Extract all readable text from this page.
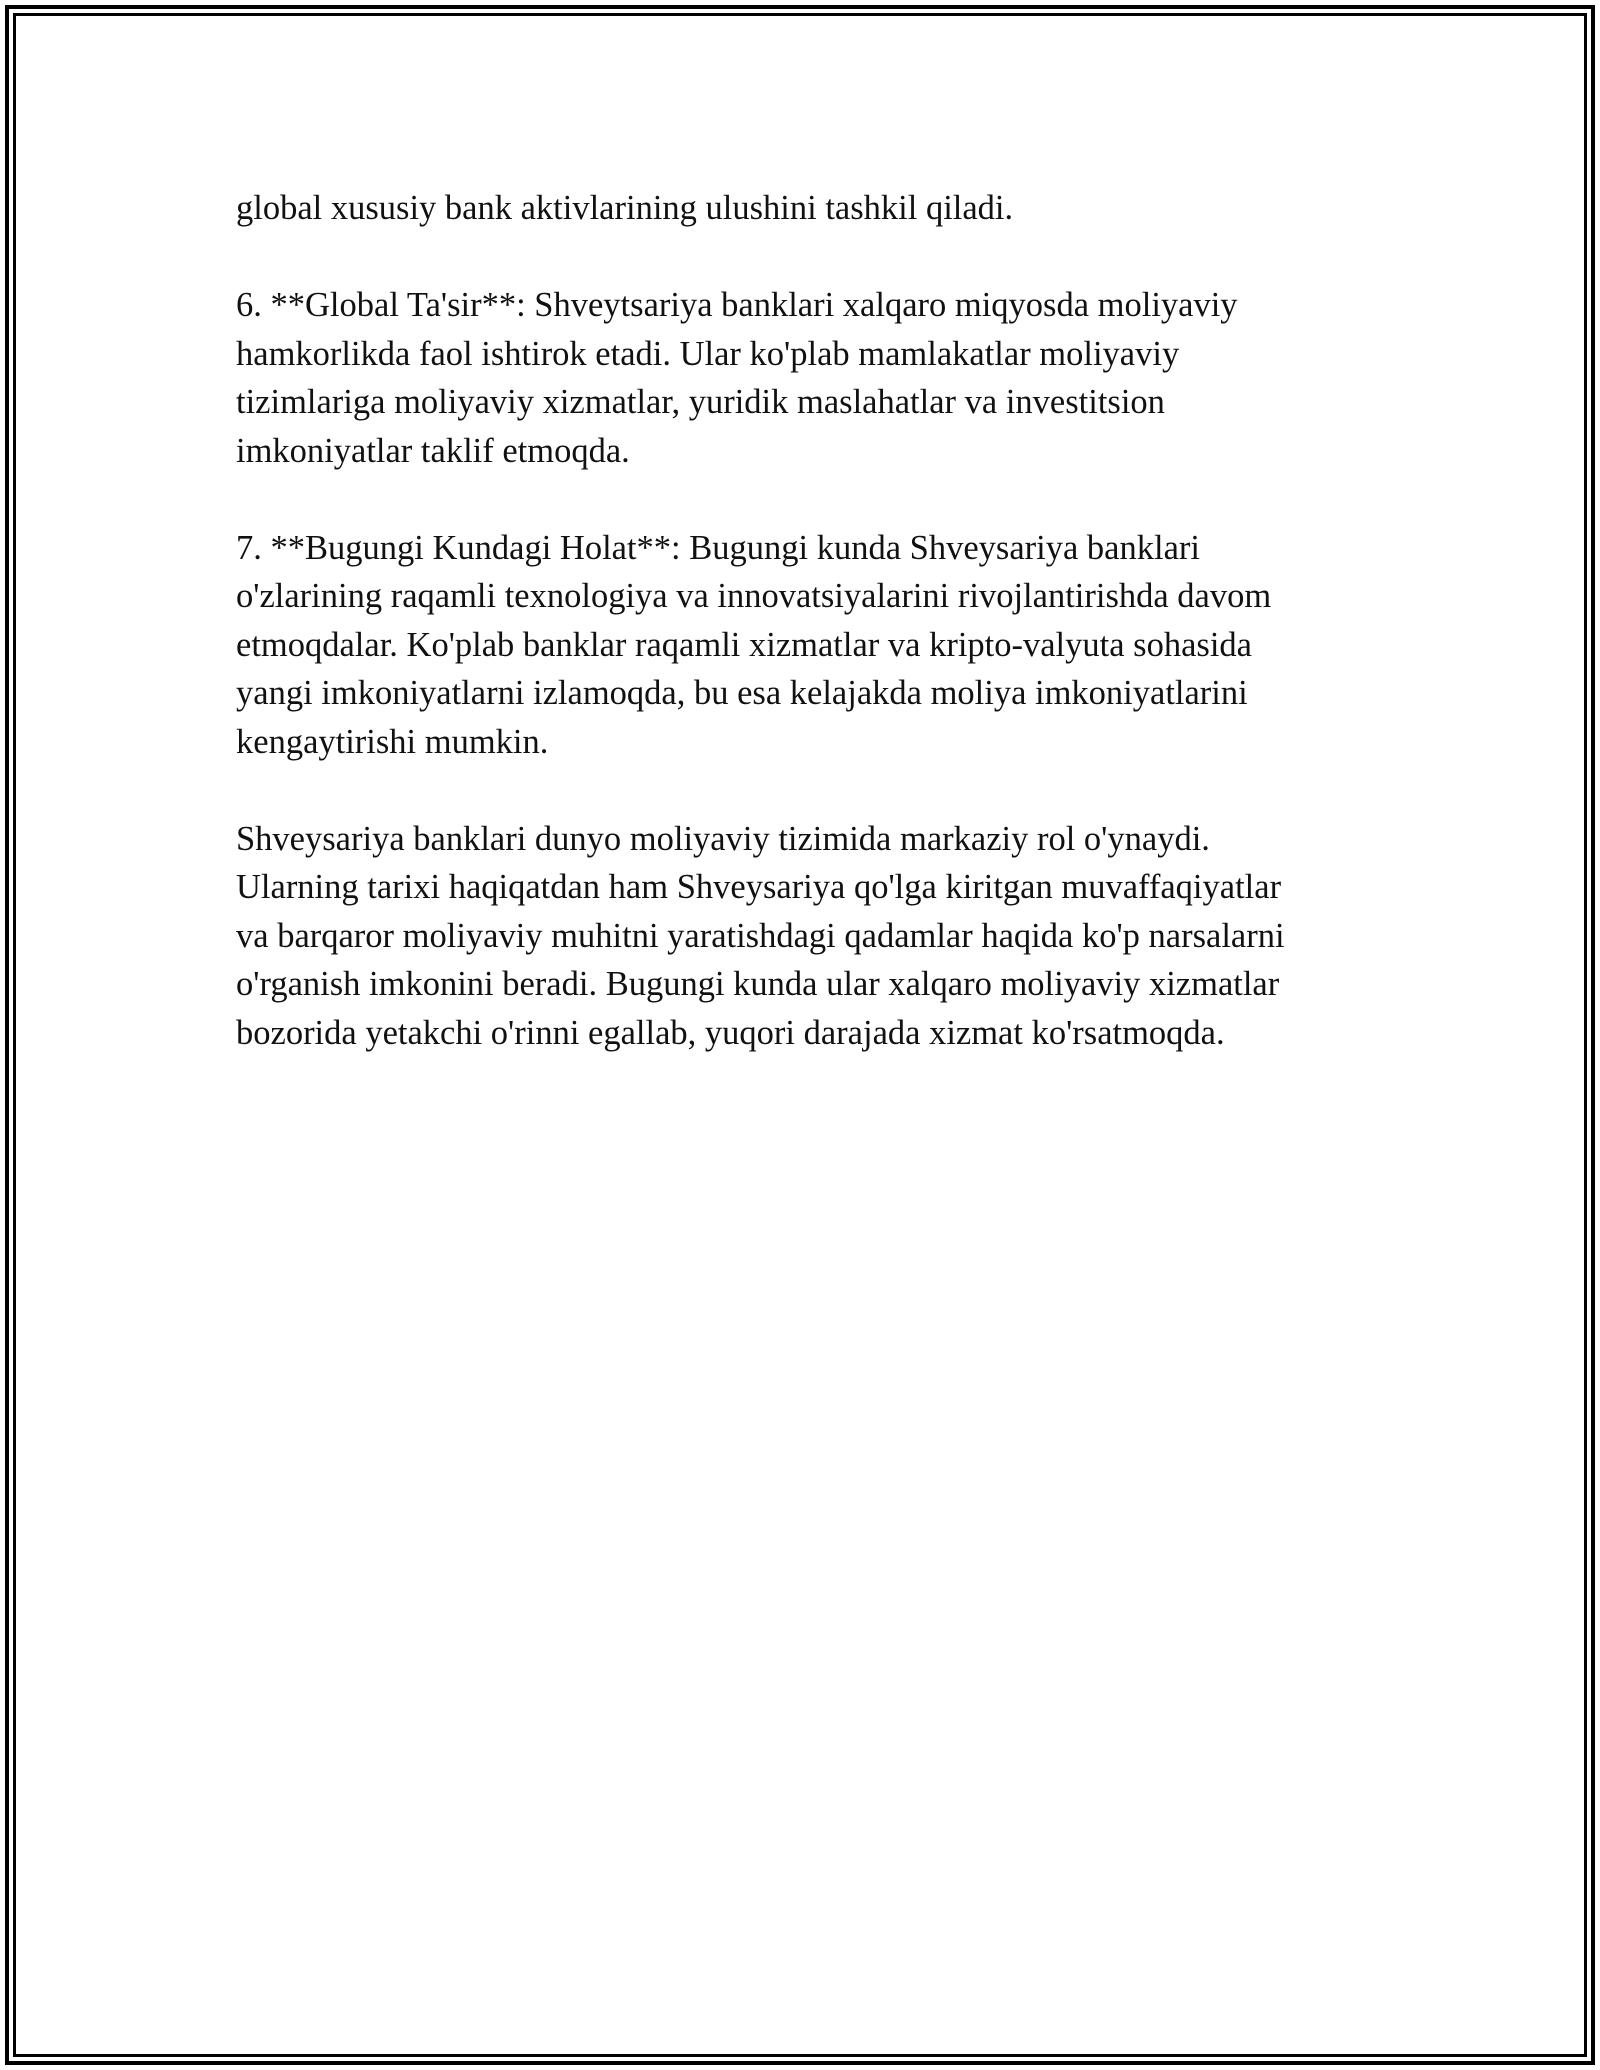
global xususiy bank aktivlarining ulushini tashkil qiladi.

6. **Global Ta'sir**: Shveytsariya banklari xalqaro miqyosda moliyaviy
hamkorlikda faol ishtirok etadi. Ular ko'plab mamlakatlar moliyaviy
tizimlariga moliyaviy xizmatlar, yuridik maslahatlar va investitsion
imkoniyatlar taklif etmoqda.

7. **Bugungi Kundagi Holat**: Bugungi kunda Shveysariya banklari
o'zlarining raqamli texnologiya va innovatsiyalarini rivojlantirishda davom
etmoqdalar. Ko'plab banklar raqamli xizmatlar va kripto-valyuta sohasida
yangi imkoniyatlarni izlamoqda, bu esa kelajakda moliya imkoniyatlarini
kengaytirishi mumkin.

Shveysariya banklari dunyo moliyaviy tizimida markaziy rol o'ynaydi.
Ularning tarixi haqiqatdan ham Shveysariya qo'lga kiritgan muvaffaqiyatlar
va barqaror moliyaviy muhitni yaratishdagi qadamlar haqida ko'p narsalarni
o'rganish imkonini beradi. Bugungi kunda ular xalqaro moliyaviy xizmatlar
bozorida yetakchi o'rinni egallab, yuqori darajada xizmat ko'rsatmoqda.
